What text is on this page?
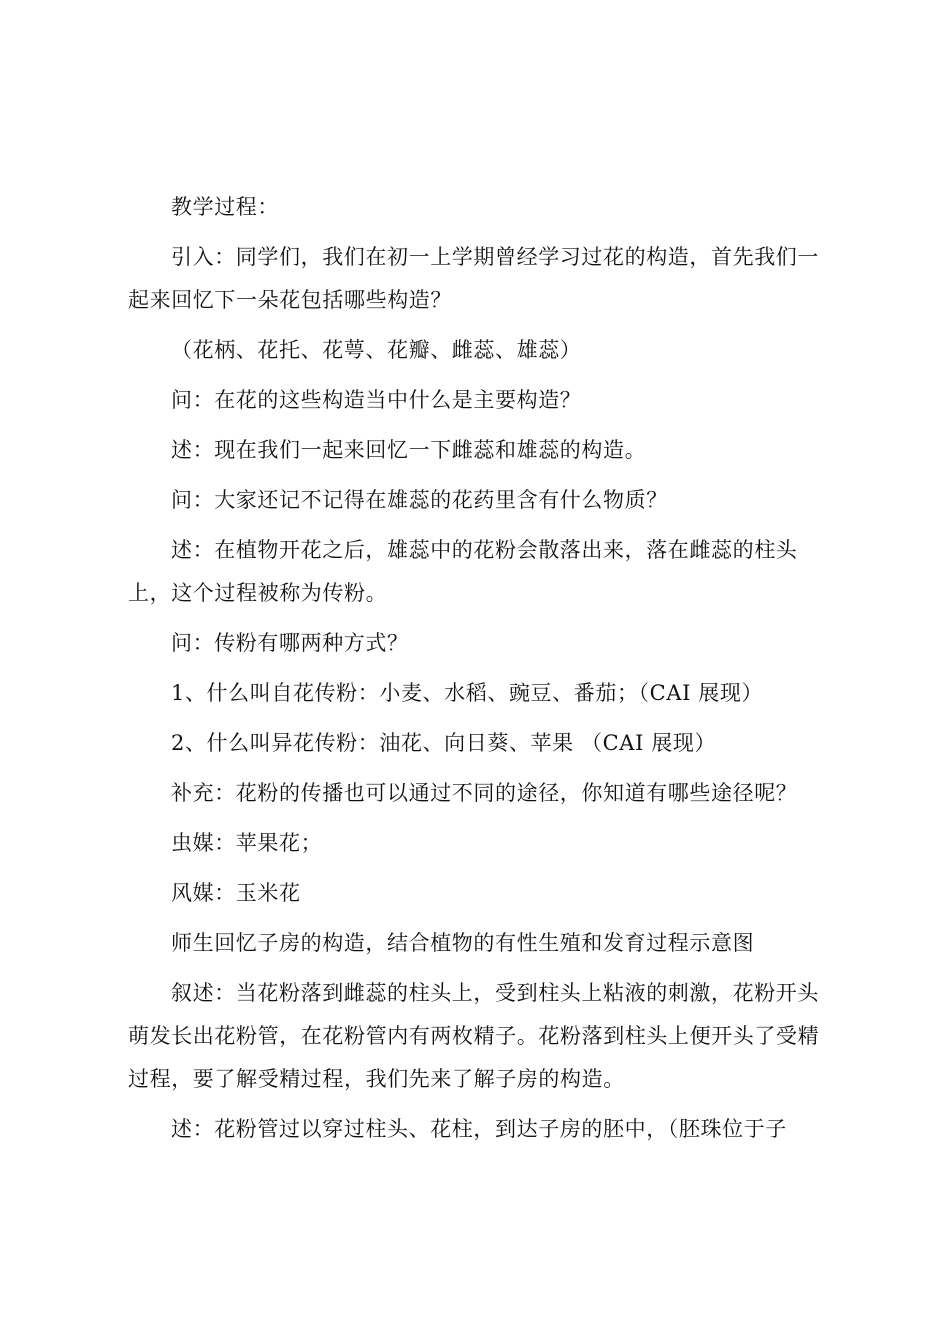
教学过程：

引入：同学们，我们在初一上学期曾经学习过花的构造，首先我们一起来回忆下一朵花包括哪些构造？

（花柄、花托、花萼、花瓣、雌蕊、雄蕊）

问：在花的这些构造当中什么是主要构造？

述：现在我们一起来回忆一下雌蕊和雄蕊的构造。

问：大家还记不记得在雄蕊的花药里含有什么物质？

述：在植物开花之后，雄蕊中的花粉会散落出来，落在雌蕊的柱头上，这个过程被称为传粉。

问：传粉有哪两种方式？

1、什么叫自花传粉：小麦、水稻、豌豆、番茄；（CAI 展现）

2、什么叫异花传粉：油花、向日葵、苹果 （CAI 展现）

补充：花粉的传播也可以通过不同的途径，你知道有哪些途径呢？

虫媒：苹果花；

风媒：玉米花

师生回忆子房的构造，结合植物的有性生殖和发育过程示意图

叙述：当花粉落到雌蕊的柱头上，受到柱头上粘液的刺激，花粉开头萌发长出花粉管，在花粉管内有两枚精子。花粉落到柱头上便开头了受精过程，要了解受精过程，我们先来了解子房的构造。

述：花粉管过以穿过柱头、花柱，到达子房的胚中，（胚珠位于子
